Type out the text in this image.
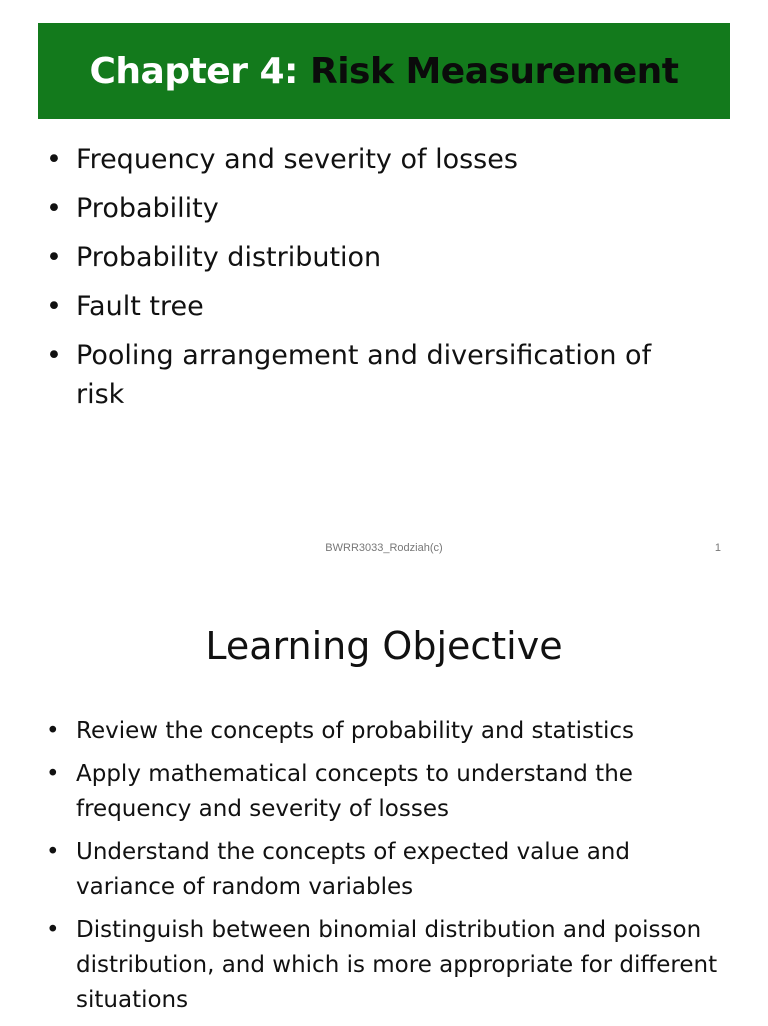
Chapter 4: Risk Measurement
• Frequency and severity of losses
• Probability
• Probability distribution
• Fault tree
• Pooling arrangement and diversification of risk
BWRR3033_Rodziah(c)	1
Learning Objective
• Review the concepts of probability and statistics
• Apply mathematical concepts to understand the frequency and severity of losses
• Understand the concepts of expected value and variance of random variables
• Distinguish between binomial distribution and poisson distribution, and which is more appropriate for different situations
